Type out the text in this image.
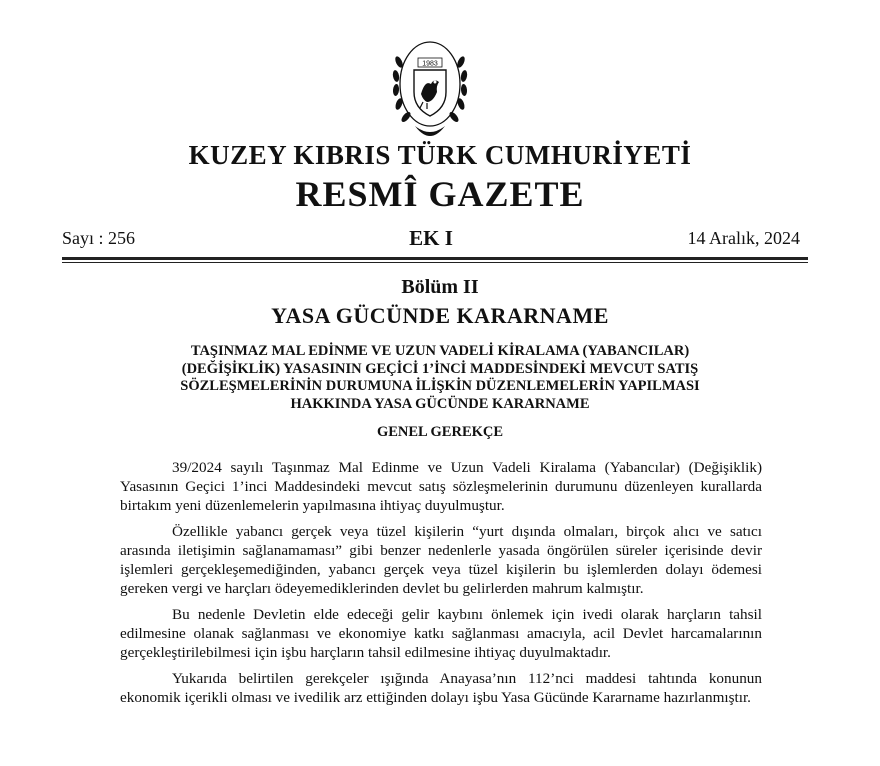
1983
KUZEY KIBRIS TÜRK CUMHURİYETİ
RESMÎ GAZETE
Sayı : 256	EK I	14 Aralık, 2024
Bölüm II
YASA GÜCÜNDE KARARNAME
TAŞINMAZ MAL EDİNME VE UZUN VADELİ KİRALAMA (YABANCILAR)
(DEĞİŞİKLİK) YASASININ GEÇİCİ 1’İNCİ MADDESİNDEKİ MEVCUT SATIŞ
SÖZLEŞMELERİNİN DURUMUNA İLİŞKİN DÜZENLEMELERİN YAPILMASI
HAKKINDA YASA GÜCÜNDE KARARNAME
GENEL GEREKÇE

39/2024 sayılı Taşınmaz Mal Edinme ve Uzun Vadeli Kiralama (Yabancılar) (Değişiklik) Yasasının Geçici 1’inci Maddesindeki mevcut satış sözleşmelerinin durumunu düzenleyen kurallarda birtakım yeni düzenlemelerin yapılmasına ihtiyaç duyulmuştur.

Özellikle yabancı gerçek veya tüzel kişilerin “yurt dışında olmaları, birçok alıcı ve satıcı arasında iletişimin sağlanamaması” gibi benzer nedenlerle yasada öngörülen süreler içerisinde devir işlemleri gerçekleşemediğinden, yabancı gerçek veya tüzel kişilerin bu işlemlerden dolayı ödemesi gereken vergi ve harçları ödeyemediklerinden devlet bu gelirlerden mahrum kalmıştır.

Bu nedenle Devletin elde edeceği gelir kaybını önlemek için ivedi olarak harçların tahsil edilmesine olanak sağlanması ve ekonomiye katkı sağlanması amacıyla, acil Devlet harcamalarının gerçekleştirilebilmesi için işbu harçların tahsil edilmesine ihtiyaç duyulmaktadır.

Yukarıda belirtilen gerekçeler ışığında Anayasa’nın 112’nci maddesi tahtında konunun ekonomik içerikli olması ve ivedilik arz ettiğinden dolayı işbu Yasa Gücünde Kararname hazırlanmıştır.
